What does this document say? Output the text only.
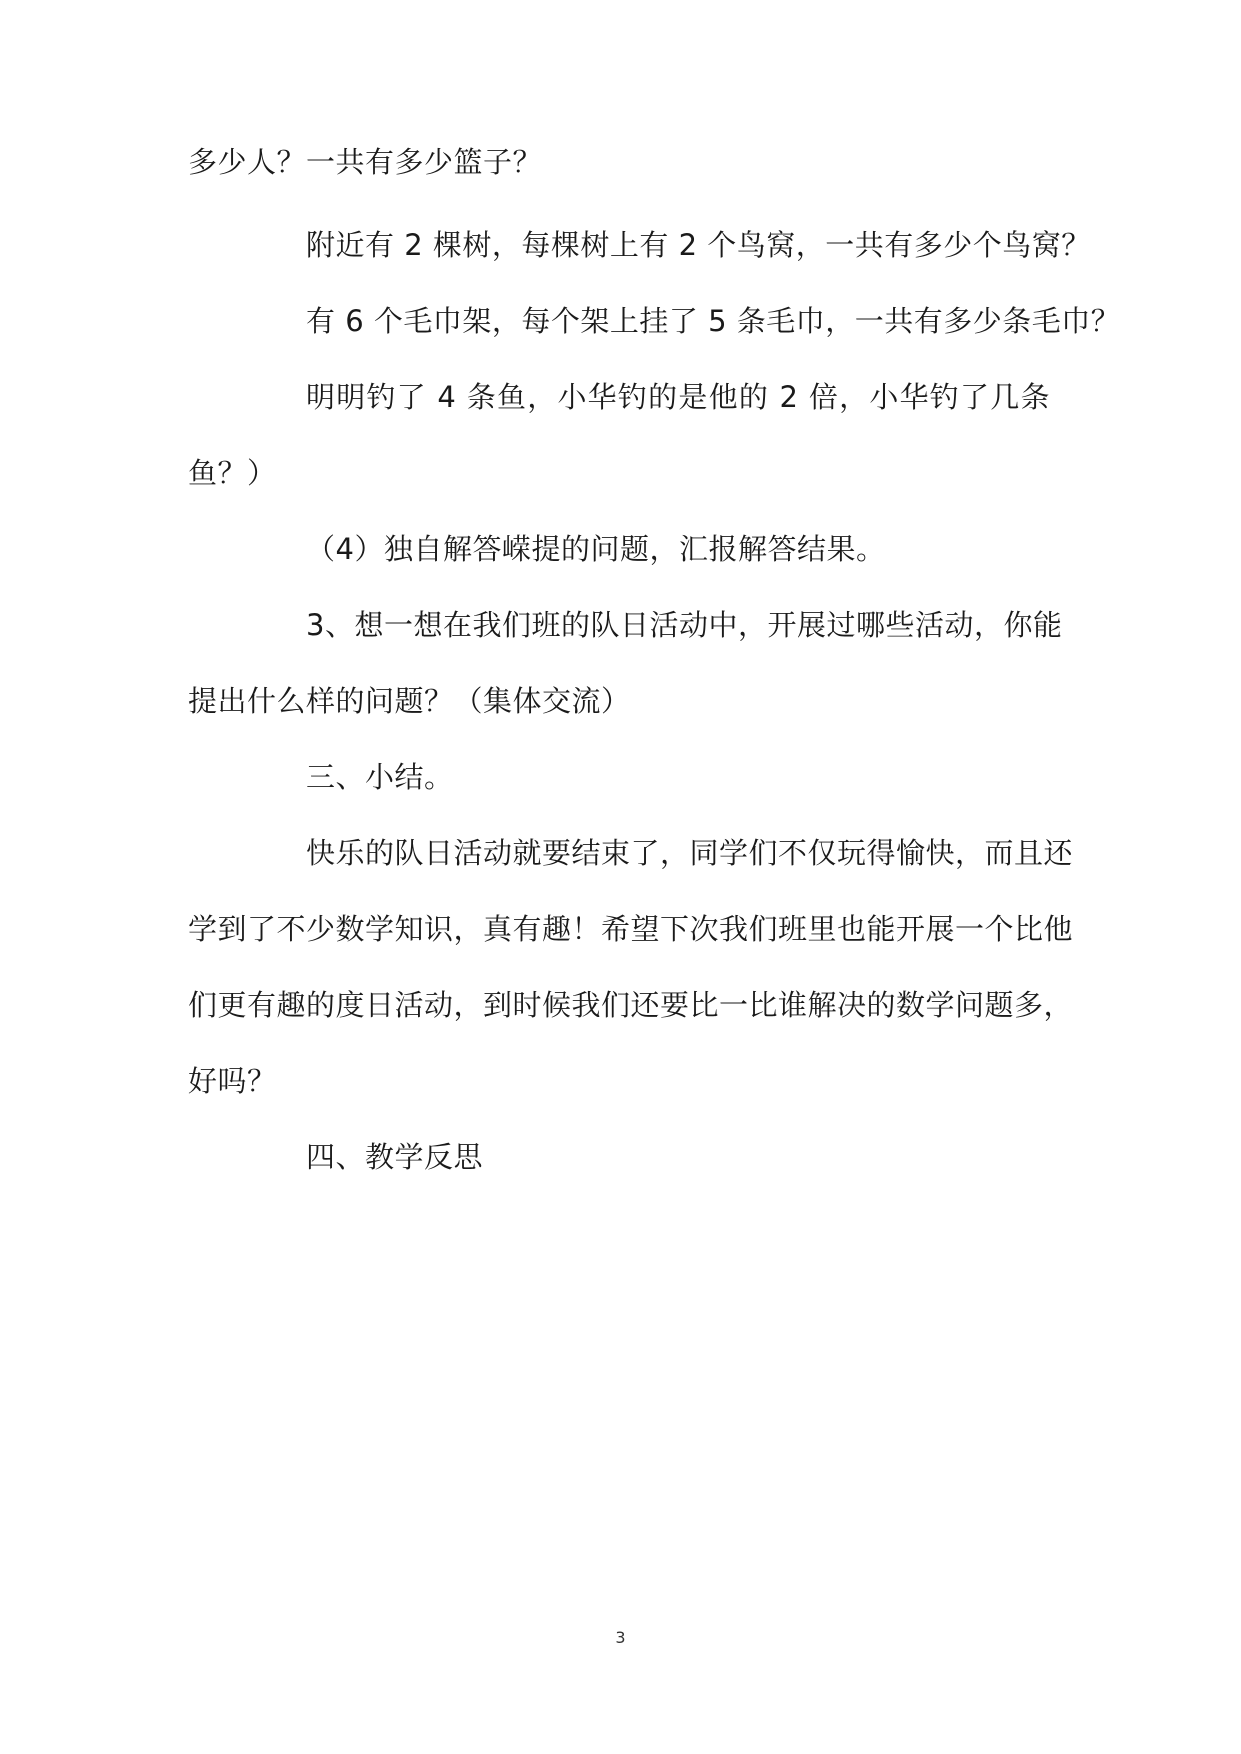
多少人？一共有多少篮子？
附近有 2 棵树，每棵树上有 2 个鸟窝，一共有多少个鸟窝？
有 6 个毛巾架，每个架上挂了 5 条毛巾，一共有多少条毛巾？
明明钓了 4 条鱼，小华钓的是他的 2 倍，小华钓了几条
鱼？）
（4）独自解答嵘提的问题，汇报解答结果。
3、想一想在我们班的队日活动中，开展过哪些活动，你能
提出什么样的问题？（集体交流）
三、小结。
快乐的队日活动就要结束了，同学们不仅玩得愉快，而且还
学到了不少数学知识，真有趣！希望下次我们班里也能开展一个比他
们更有趣的度日活动，到时候我们还要比一比谁解决的数学问题多，
好吗？
四、教学反思
3
